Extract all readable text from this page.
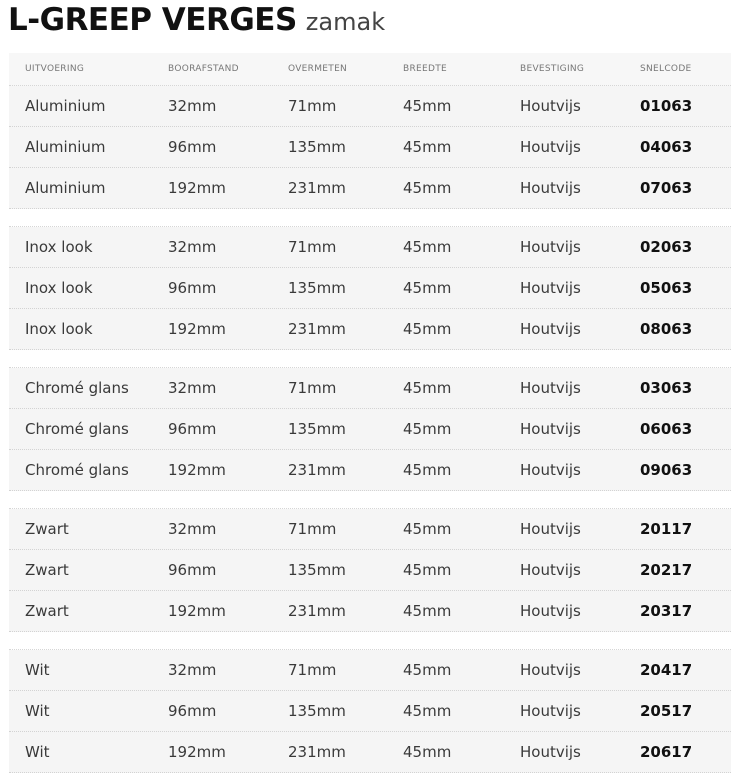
L-GREEP VERGES zamak
UITVOERING	BOORAFSTAND	OVERMETEN	BREEDTE	BEVESTIGING	SNELCODE
Aluminium	32mm	71mm	45mm	Houtvijs	01063
Aluminium	96mm	135mm	45mm	Houtvijs	04063
Aluminium	192mm	231mm	45mm	Houtvijs	07063
Inox look	32mm	71mm	45mm	Houtvijs	02063
Inox look	96mm	135mm	45mm	Houtvijs	05063
Inox look	192mm	231mm	45mm	Houtvijs	08063
Chromé glans	32mm	71mm	45mm	Houtvijs	03063
Chromé glans	96mm	135mm	45mm	Houtvijs	06063
Chromé glans	192mm	231mm	45mm	Houtvijs	09063
Zwart	32mm	71mm	45mm	Houtvijs	20117
Zwart	96mm	135mm	45mm	Houtvijs	20217
Zwart	192mm	231mm	45mm	Houtvijs	20317
Wit	32mm	71mm	45mm	Houtvijs	20417
Wit	96mm	135mm	45mm	Houtvijs	20517
Wit	192mm	231mm	45mm	Houtvijs	20617
